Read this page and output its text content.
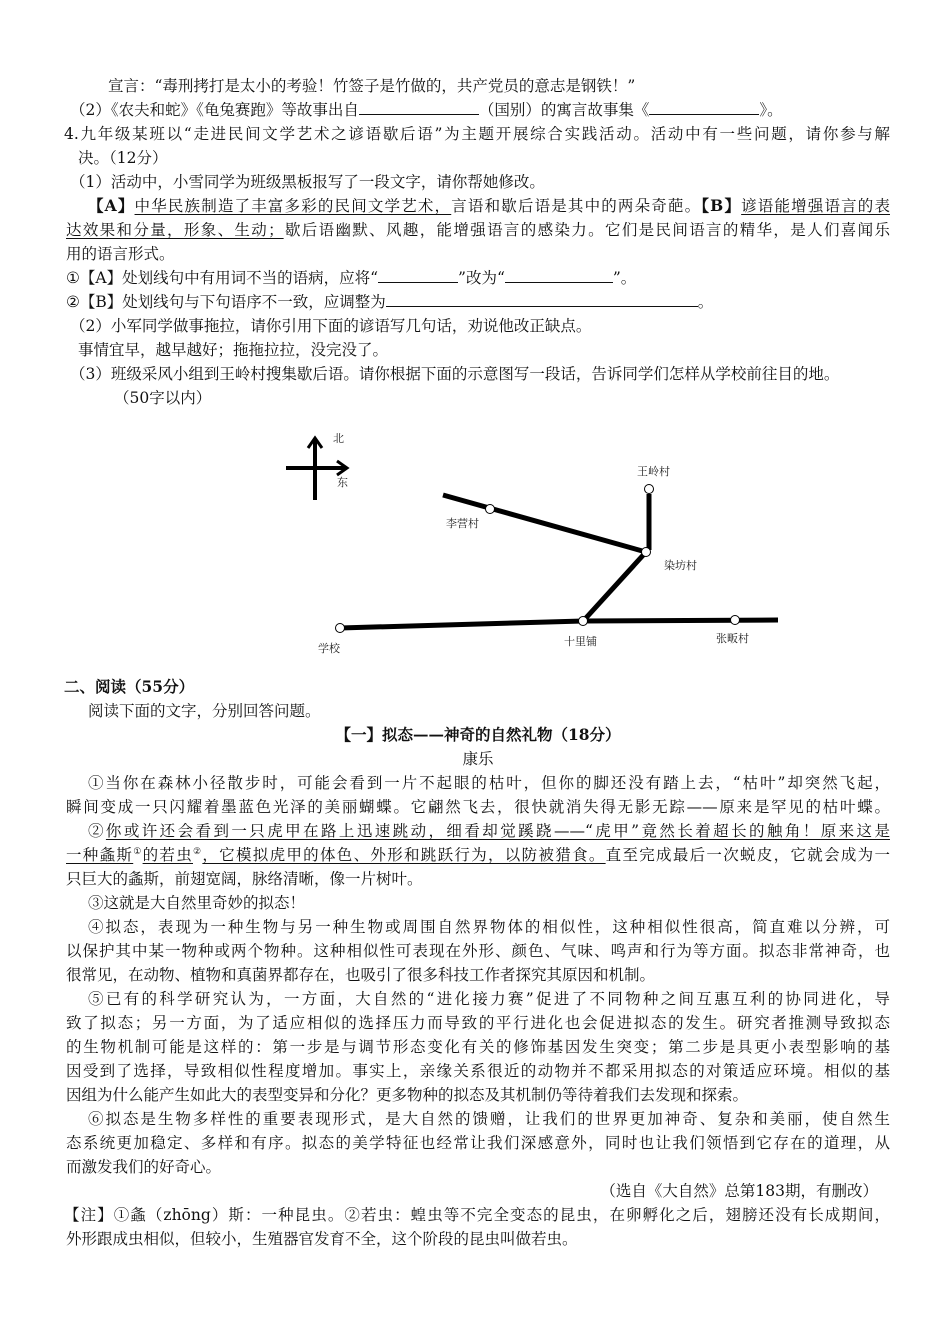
宣言：“毒刑拷打是太小的考验！竹签子是竹做的，共产党员的意志是钢铁！”
（2）《农夫和蛇》《龟兔赛跑》等故事出自	（国别）的寓言故事集《	》。
4.九年级某班以“走进民间文学艺术之谚语歇后语”为主题开展综合实践活动。活动中有一些问题，请你参与解
决。（12分）
（1）活动中，小雪同学为班级黑板报写了一段文字，请你帮她修改。
【A】中华民族制造了丰富多彩的民间文学艺术，言语和歇后语是其中的两朵奇葩。【B】谚语能增强语言的表
达效果和分量，形象、生动；歇后语幽默、风趣，能增强语言的感染力。它们是民间语言的精华，是人们喜闻乐
用的语言形式。
①【A】处划线句中有用词不当的语病，应将“	”改为“	”。
②【B】处划线句与下句语序不一致，应调整为	。
（2）小军同学做事拖拉，请你引用下面的谚语写几句话，劝说他改正缺点。
事情宜早，越早越好；拖拖拉拉，没完没了。
（3）班级采风小组到王岭村搜集歇后语。请你根据下面的示意图写一段话，告诉同学们怎样从学校前往目的地。
（50字以内）
北
东
王岭村
李营村
染坊村
十里铺
学校
张畈村
二、阅读（55分）
阅读下面的文字，分别回答问题。
【一】拟态——神奇的自然礼物（18分）
康乐
①当你在森林小径散步时，可能会看到一片不起眼的枯叶，但你的脚还没有踏上去，“枯叶”却突然飞起，
瞬间变成一只闪耀着墨蓝色光泽的美丽蝴蝶。它翩然飞去，很快就消失得无影无踪——原来是罕见的枯叶蝶。
②你或许还会看到一只虎甲在路上迅速跳动，细看却觉蹊跷——“虎甲”竟然长着超长的触角！原来这是
一种螽斯①的若虫②，它模拟虎甲的体色、外形和跳跃行为，以防被猎食。直至完成最后一次蜕皮，它就会成为一
只巨大的螽斯，前翅宽阔，脉络清晰，像一片树叶。
③这就是大自然里奇妙的拟态！
④拟态，表现为一种生物与另一种生物或周围自然界物体的相似性，这种相似性很高，简直难以分辨，可
以保护其中某一物种或两个物种。这种相似性可表现在外形、颜色、气味、鸣声和行为等方面。拟态非常神奇，也
很常见，在动物、植物和真菌界都存在，也吸引了很多科技工作者探究其原因和机制。
⑤已有的科学研究认为，一方面，大自然的“进化接力赛”促进了不同物种之间互惠互利的协同进化，导
致了拟态；另一方面，为了适应相似的选择压力而导致的平行进化也会促进拟态的发生。研究者推测导致拟态
的生物机制可能是这样的：第一步是与调节形态变化有关的修饰基因发生突变；第二步是具更小表型影响的基
因受到了选择，导致相似性程度增加。事实上，亲缘关系很近的动物并不都采用拟态的对策适应环境。相似的基
因组为什么能产生如此大的表型变异和分化？更多物种的拟态及其机制仍等待着我们去发现和探索。
⑥拟态是生物多样性的重要表现形式，是大自然的馈赠，让我们的世界更加神奇、复杂和美丽，使自然生
态系统更加稳定、多样和有序。拟态的美学特征也经常让我们深感意外，同时也让我们领悟到它存在的道理，从
而激发我们的好奇心。
（选自《大自然》总第183期，有删改）
【注】①螽（zhōng）斯：一种昆虫。②若虫：蝗虫等不完全变态的昆虫，在卵孵化之后，翅膀还没有长成期间，
外形跟成虫相似，但较小，生殖器官发育不全，这个阶段的昆虫叫做若虫。
